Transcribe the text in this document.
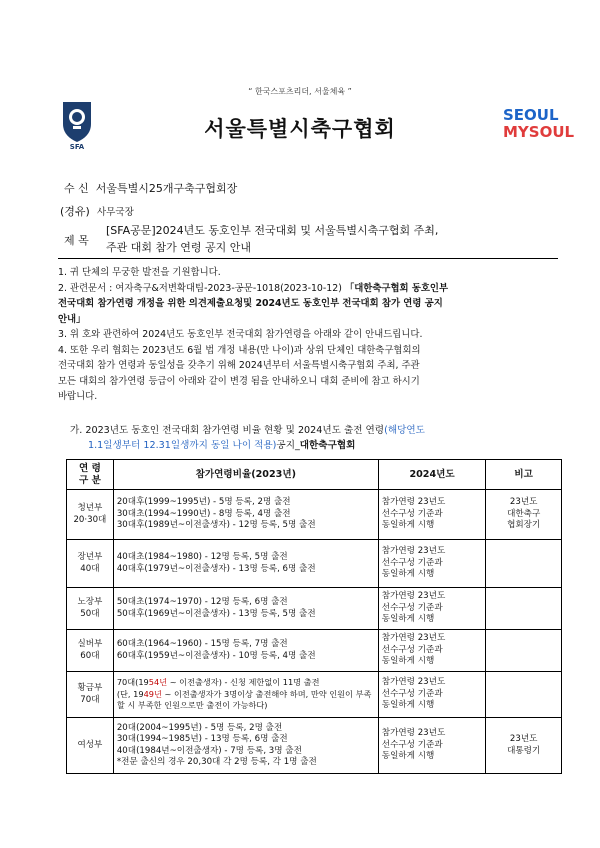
“ 한국스포츠리더, 서울체육 ”
SFA
서울특별시축구협회
SEOUL
MYSOUL
수 신 서울특별시25개구축구협회장
(경유) 사무국장
제 목
[SFA공문]2024년도 동호인부 전국대회 및 서울특별시축구협회 주최,
주관 대회 참가 연령 공지 안내
1. 귀 단체의 무궁한 발전을 기원합니다.
2. 관련문서 : 여자축구&저변확대팀-2023-공문-1018(2023-10-12) 「대한축구협회 동호인부
전국대회 참가연령 개정을 위한 의견제출요청및 2024년도 동호인부 전국대회 참가 연령 공지
안내」
3. 위 호와 관련하여 2024년도 동호인부 전국대회 참가연령을 아래와 같이 안내드립니다.
4. 또한 우리 협회는 2023년도 6월 법 개정 내용(만 나이)과 상위 단체인 대한축구협회의
전국대회 참가 연령과 동일성을 갖추기 위해 2024년부터 서울특별시축구협회 주최, 주관
모든 대회의 참가연령 등급이 아래와 같이 변경 됨을 안내하오니 대회 준비에 참고 하시기
바랍니다.
가. 2023년도 동호인 전국대회 참가연령 비율 현황 및 2024년도 출전 연령(해당연도
1.1일생부터 12.31일생까지 동일 나이 적용)공지_대한축구협회
연 령
구 분	참가연령비율(2023년)	2024년도	비고
청년부
20·30대	20대후(1999~1995년) - 5명 등록, 2명 출전
30대초(1994~1990년) - 8명 등록, 4명 출전
30대후(1989년~이전출생자) - 12명 등록, 5명 출전	참가연령 23년도
선수구성 기준과
동일하게 시행	23년도
대한축구
협회장기

장년부
40대	40대초(1984~1980) - 12명 등록, 5명 출전
40대후(1979년~이전출생자) - 13명 등록, 6명 출전	참가연령 23년도
선수구성 기준과
동일하게 시행	

노장부
50대	50대초(1974~1970) - 12명 등록, 6명 출전
50대후(1969년~이전출생자) - 13명 등록, 5명 출전	참가연령 23년도
선수구성 기준과
동일하게 시행	

실버부
60대	60대초(1964~1960) - 15명 등록, 7명 출전
60대후(1959년~이전출생자) - 10명 등록, 4명 출전	참가연령 23년도
선수구성 기준과
동일하게 시행	

황금부
70대	70대(1954년 ~ 이전출생자) - 신청 제한없이 11명 출전
(단, 1949년 ~ 이전출생자가 3명이상 출전해야 하며, 만약 인원이 부족
할 시 부족한 인원으로만 출전이 가능하다)	참가연령 23년도
선수구성 기준과
동일하게 시행	

여성부	20대(2004~1995년) - 5명 등록, 2명 출전
30대(1994~1985년) - 13명 등록, 6명 출전
40대(1984년~이전출생자) - 7명 등록, 3명 출전
*전문 출신의 경우 20,30대 각 2명 등록, 각 1명 출전	참가연령 23년도
선수구성 기준과
동일하게 시행	23년도
대통령기
